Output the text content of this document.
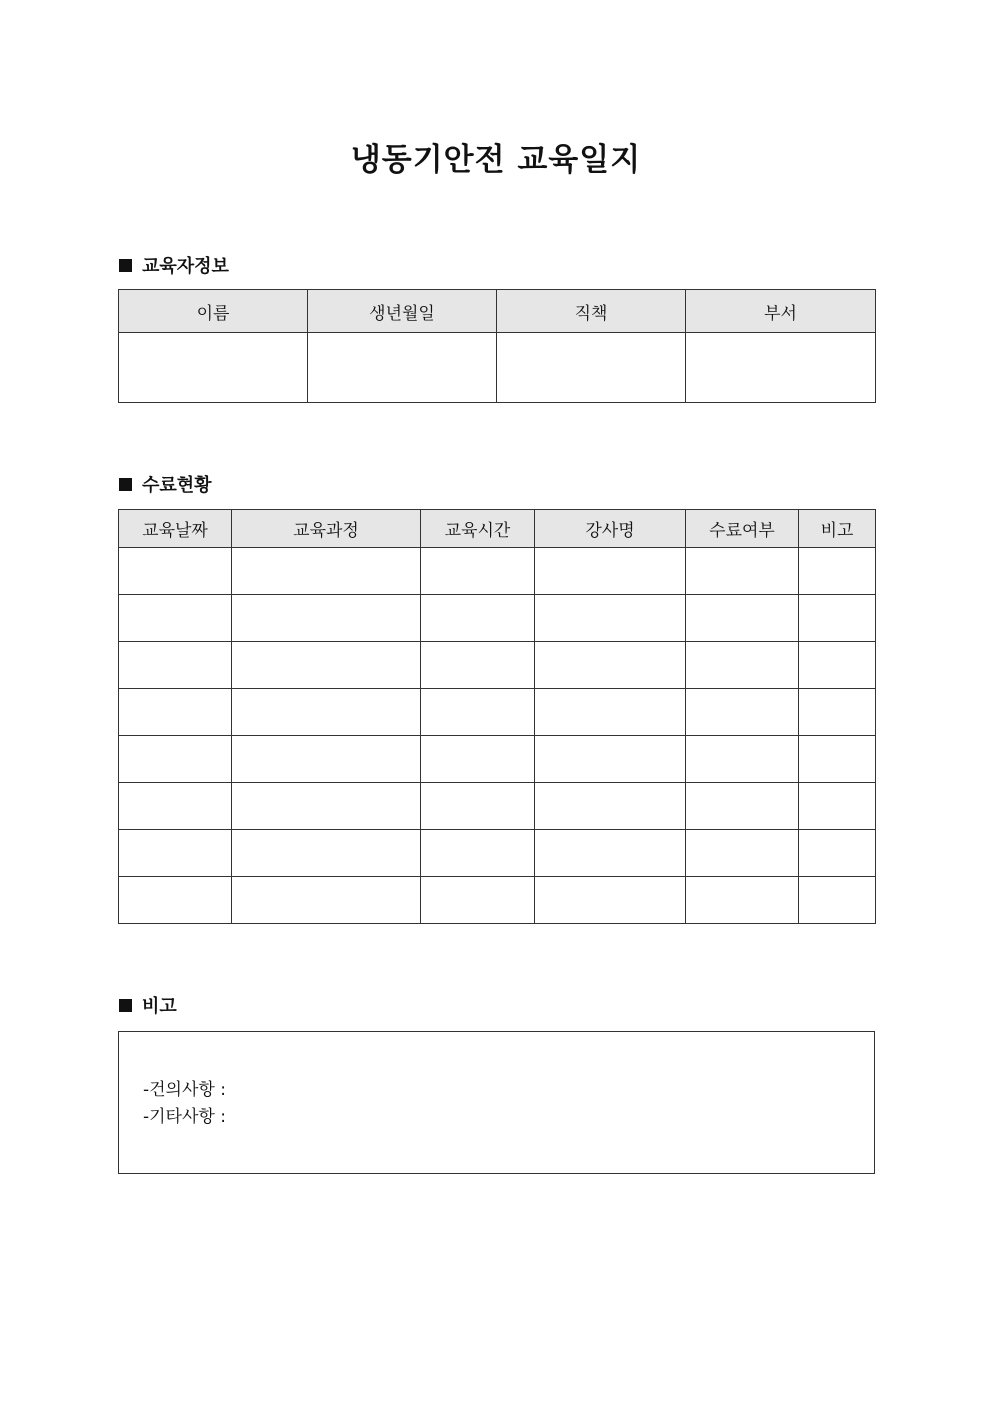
냉동기안전 교육일지
교육자정보
이름	생년월일	직책	부서

수료현황
교육날짜	교육과정	교육시간	강사명	수료여부	비고

비고
-건의사항 :
-기타사항 :
